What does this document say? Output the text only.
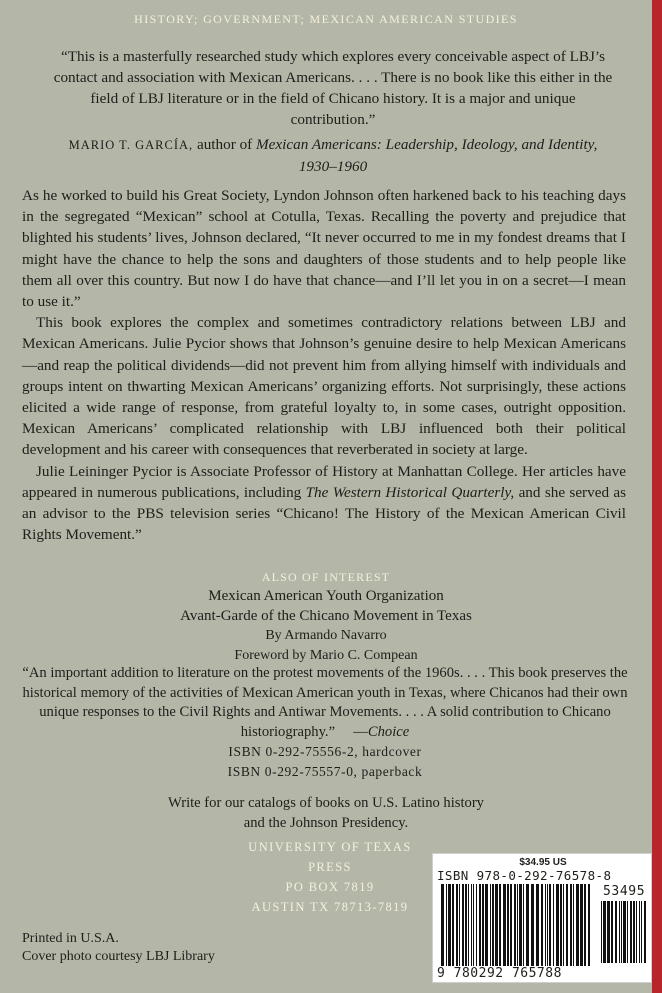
HISTORY; GOVERNMENT; MEXICAN AMERICAN STUDIES

“This is a masterfully researched study which explores every conceivable aspect of LBJ’s contact and association with Mexican Americans. . . . There is no book like this either in the field of LBJ literature or in the field of Chicano history. It is a major and unique contribution.”

MARIO T. GARCÍA, author of Mexican Americans: Leadership, Ideology, and Identity, 1930–1960

As he worked to build his Great Society, Lyndon Johnson often harkened back to his teaching days in the segregated “Mexican” school at Cotulla, Texas. Recalling the poverty and prejudice that blighted his students’ lives, Johnson declared, “It never occurred to me in my fondest dreams that I might have the chance to help the sons and daughters of those students and to help people like them all over this country. But now I do have that chance—and I’ll let you in on a secret—I mean to use it.”

This book explores the complex and sometimes contradictory relations between LBJ and Mexican Americans. Julie Pycior shows that Johnson’s genuine desire to help Mexican Americans—and reap the political dividends—did not prevent him from allying himself with individuals and groups intent on thwarting Mexican Americans’ organizing efforts. Not surprisingly, these actions elicited a wide range of response, from grateful loyalty to, in some cases, outright opposition. Mexican Americans’ complicated relationship with LBJ influenced both their political development and his career with consequences that reverberated in society at large.

Julie Leininger Pycior is Associate Professor of History at Manhattan College. Her articles have appeared in numerous publications, including The Western Historical Quarterly, and she served as an advisor to the PBS television series “Chicano! The History of the Mexican American Civil Rights Movement.”

ALSO OF INTEREST
Mexican American Youth Organization
Avant-Garde of the Chicano Movement in Texas
By Armando Navarro
Foreword by Mario C. Compean

“An important addition to literature on the protest movements of the 1960s. . . . This book preserves the historical memory of the activities of Mexican American youth in Texas, where Chicanos had their own unique responses to the Civil Rights and Antiwar Movements. . . . A solid contribution to Chicano historiography.” —Choice

ISBN 0-292-75556-2, hardcover

ISBN 0-292-75557-0, paperback

Write for our catalogs of books on U.S. Latino history
and the Johnson Presidency.
UNIVERSITY OF TEXAS PRESS
PO BOX 7819
AUSTIN TX 78713-7819
Printed in U.S.A.
Cover photo courtesy LBJ Library
$34.95 US
ISBN 978-0-292-76578-8
53495
9 780292 765788
